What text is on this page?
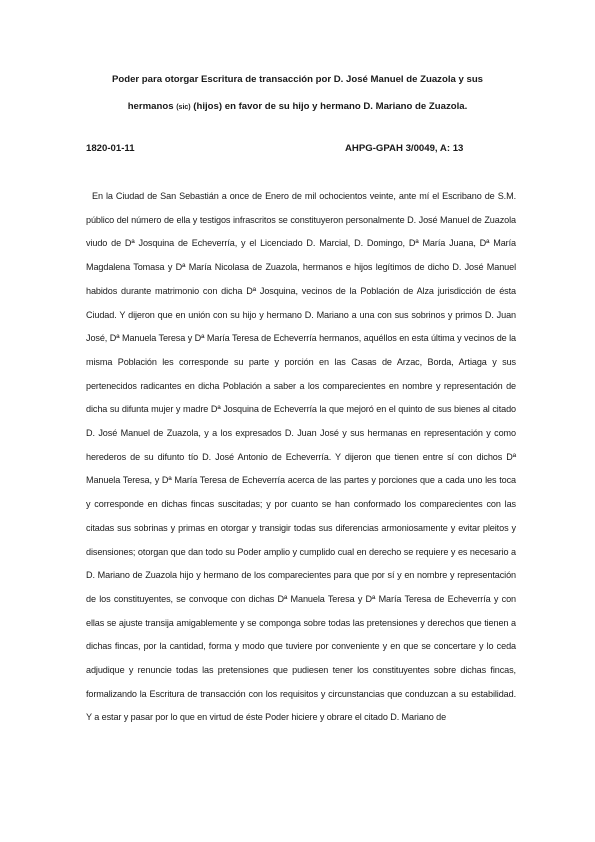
Poder para otorgar Escritura de transacción por D. José Manuel de Zuazola y sus
hermanos (sic) (hijos) en favor de su hijo y hermano D. Mariano de Zuazola.
1820-01-11	AHPG-GPAH 3/0049, A: 13
En la Ciudad de San Sebastián a once de Enero de mil ochocientos veinte, ante mí el Escribano de S.M. público del número de ella y testigos infrascritos se constituyeron personalmente D. José Manuel de Zuazola viudo de Dª Josquina de Echeverría, y el Licenciado D. Marcial, D. Domingo, Dª María Juana, Dª María Magdalena Tomasa y Dª María Nicolasa de Zuazola, hermanos e hijos legítimos de dicho D. José Manuel habidos durante matrimonio con dicha Dª Josquina, vecinos de la Población de Alza jurisdicción de ésta Ciudad. Y dijeron que en unión con su hijo y hermano D. Mariano a una con sus sobrinos y primos D. Juan José, Dª Manuela Teresa y Dª María Teresa de Echeverría hermanos, aquéllos en esta última y vecinos de la misma Población les corresponde su parte y porción en las Casas de Arzac, Borda, Artiaga y sus pertenecidos radicantes en dicha Población a saber a los comparecientes en nombre y representación de dicha su difunta mujer y madre Dª Josquina de Echeverría la que mejoró en el quinto de sus bienes al citado D. José Manuel de Zuazola, y a los expresados D. Juan José y sus hermanas en representación y como herederos de su difunto tío D. José Antonio de Echeverría. Y dijeron que tienen entre sí con dichos Dª Manuela Teresa, y Dª María Teresa de Echeverría acerca de las partes y porciones que a cada uno les toca y corresponde en dichas fincas suscitadas; y por cuanto se han conformado los comparecientes con las citadas sus sobrinas y primas en otorgar y transigir todas sus diferencias armoniosamente y evitar pleitos y disensiones; otorgan que dan todo su Poder amplio y cumplido cual en derecho se requiere y es necesario a D. Mariano de Zuazola hijo y hermano de los comparecientes para que por sí y en nombre y representación de los constituyentes, se convoque con dichas Dª Manuela Teresa y Dª María Teresa de Echeverría y con ellas se ajuste transija amigablemente y se componga sobre todas las pretensiones y derechos que tienen a dichas fincas, por la cantidad, forma y modo que tuviere por conveniente y en que se concertare y lo ceda adjudique y renuncie todas las pretensiones que pudiesen tener los constituyentes sobre dichas fincas, formalizando la Escritura de transacción con los requisitos y circunstancias que conduzcan a su estabilidad. Y a estar y pasar por lo que en virtud de éste Poder hiciere y obrare el citado D. Mariano de
